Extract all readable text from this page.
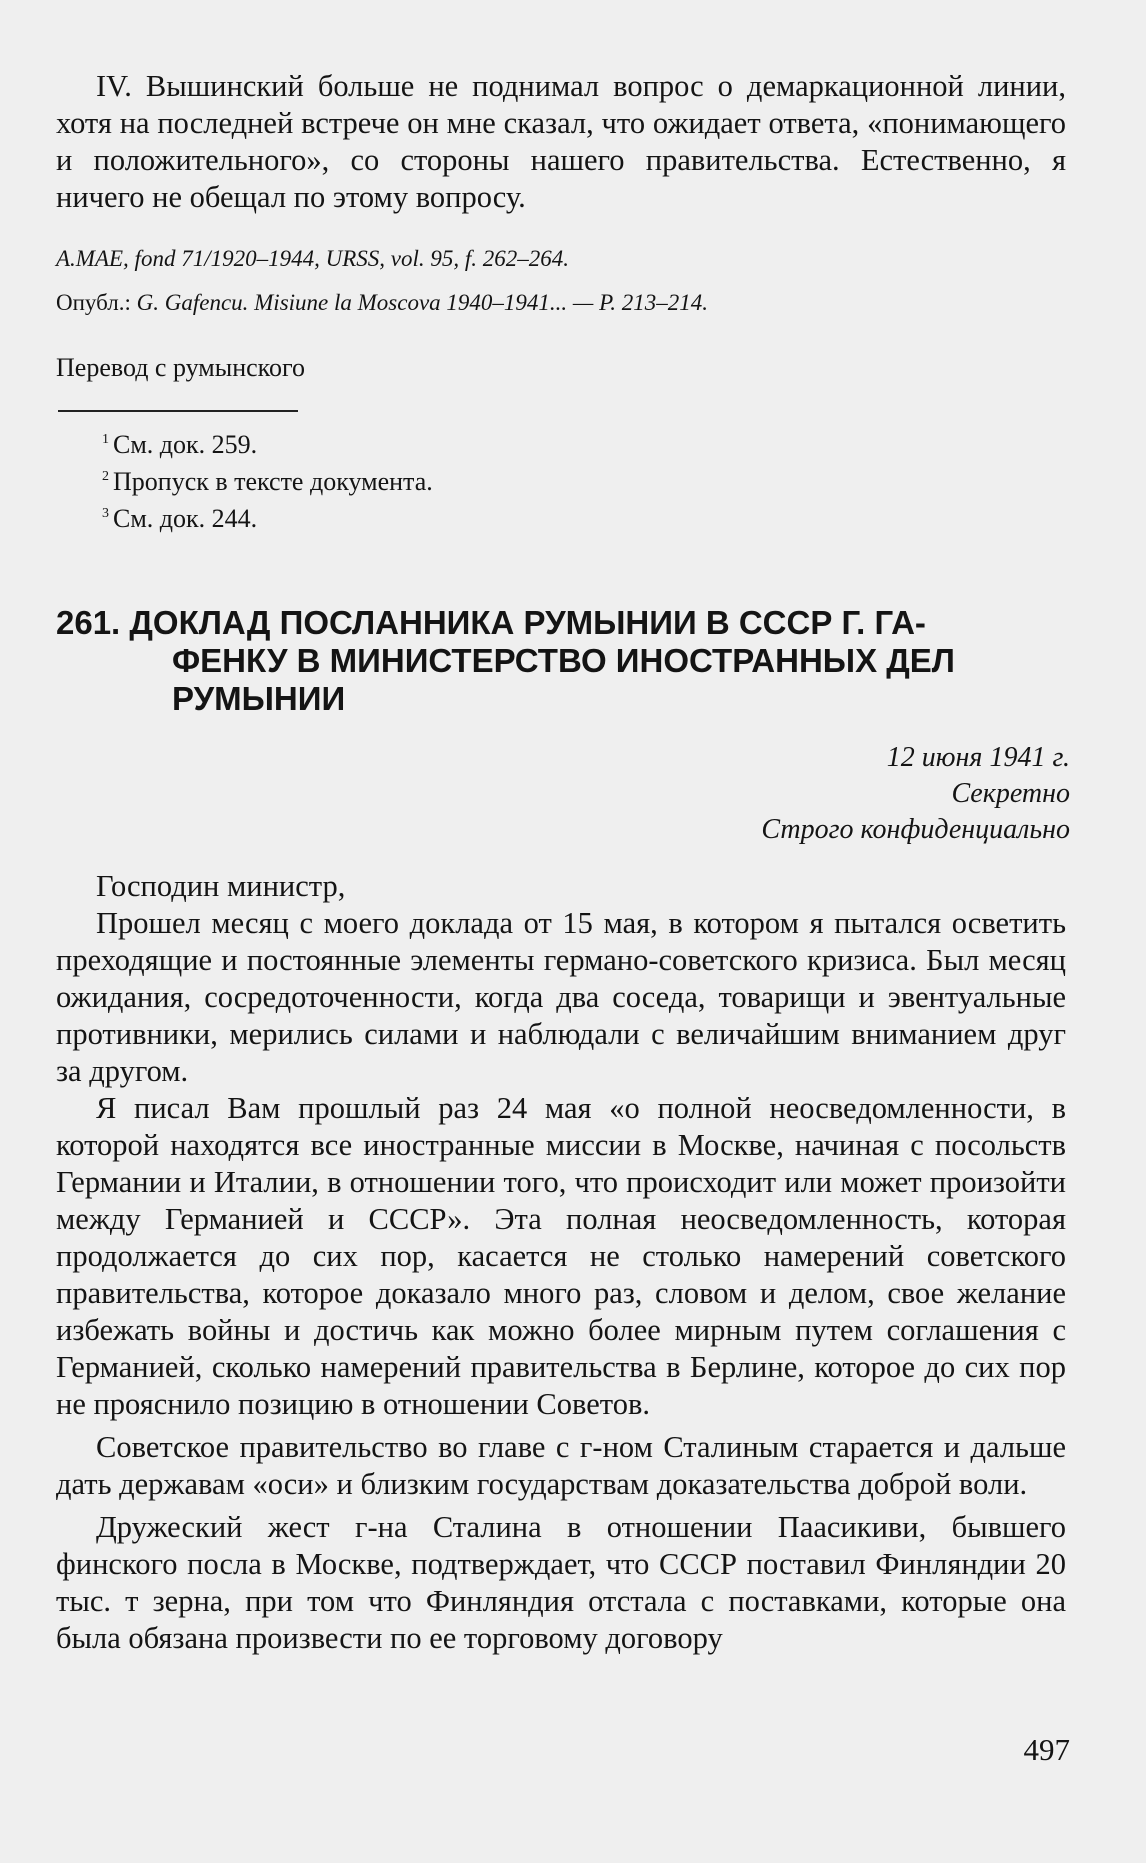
IV. Вышинский больше не поднимал вопрос о демаркационной линии, хотя на последней встрече он мне сказал, что ожидает ответа, «понимающего и положительного», со стороны нашего правительства. Естественно, я ничего не обещал по этому вопросу.

A.MAE, fond 71/1920–1944, URSS, vol. 95, f. 262–264.

Опубл.: G. Gafencu. Misiune la Moscova 1940–1941... — P. 213–214.

Перевод с румынского

$^1$ См. док. 259.

$^2$ Пропуск в тексте документа.

$^3$ См. док. 244.

261. ДОКЛАД ПОСЛАННИКА РУМЫНИИ В СССР Г. ГА-
ФЕНКУ В МИНИСТЕРСТВО ИНОСТРАННЫХ ДЕЛ РУМЫНИИ
12 июня 1941 г.
Секретно
Строго конфиденциально

Господин министр,

Прошел месяц с моего доклада от 15 мая, в котором я пытался осветить преходящие и постоянные элементы германо-советского кризиса. Был месяц ожидания, сосредоточенности, когда два соседа, товарищи и эвентуальные противники, мерились силами и наблюдали с величайшим вниманием друг за другом.

Я писал Вам прошлый раз 24 мая «о полной неосведомленности, в которой находятся все иностранные миссии в Москве, начиная с посольств Германии и Италии, в отношении того, что происходит или может произойти между Германией и СССР». Эта полная неосведомленность, которая продолжается до сих пор, касается не столько намерений советского правительства, которое доказало много раз, словом и делом, свое желание избежать войны и достичь как можно более мирным путем соглашения с Германией, сколько намерений правительства в Берлине, которое до сих пор не прояснило позицию в отношении Советов.

Советское правительство во главе с г-ном Сталиным старается и дальше дать державам «оси» и близким государствам доказательства доброй воли.

Дружеский жест г-на Сталина в отношении Паасикиви, бывшего финского посла в Москве, подтверждает, что СССР поставил Финляндии 20 тыс. т зерна, при том что Финляндия отстала с поставками, которые она была обязана произвести по ее торговому договору

497
